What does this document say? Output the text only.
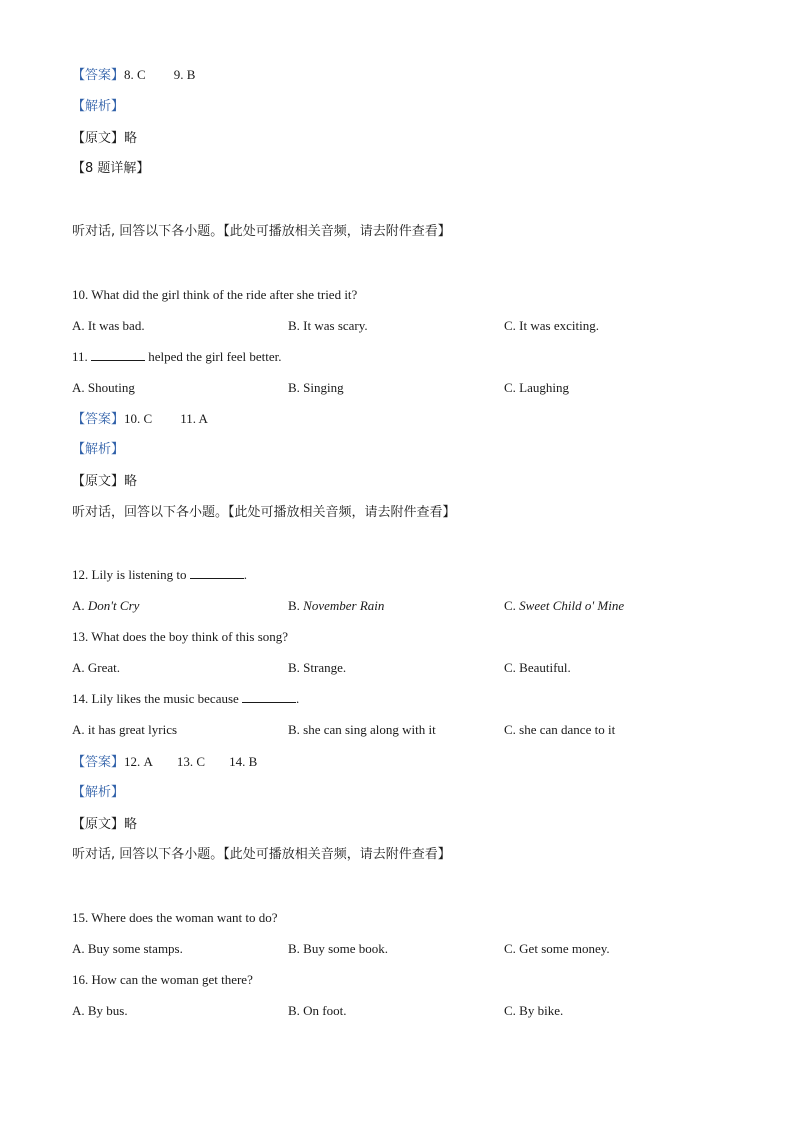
【答案】8. C 9. B
【解析】
【原文】略
【8 题详解】
听对话, 回答以下各小题。【此处可播放相关音频，请去附件查看】
10. What did the girl think of the ride after she tried it?
A. It was bad.	B. It was scary.	C. It was exciting.
11.	helped the girl feel better.
A. Shouting	B. Singing	C. Laughing
【答案】10. C 11. A
【解析】
【原文】略
听对话，回答以下各小题。【此处可播放相关音频，请去附件查看】
12. Lily is listening to	.
A. Don't Cry	B. November Rain	C. Sweet Child o' Mine
13. What does the boy think of this song?
A. Great.	B. Strange.	C. Beautiful.
14. Lily likes the music because	.
A. it has great lyrics	B. she can sing along with it	C. she can dance to it
【答案】12. A 13. C 14. B
【解析】
【原文】略
听对话, 回答以下各小题。【此处可播放相关音频，请去附件查看】
15. Where does the woman want to do?
A. Buy some stamps.	B. Buy some book.	C. Get some money.
16. How can the woman get there?
A. By bus.	B. On foot.	C. By bike.
